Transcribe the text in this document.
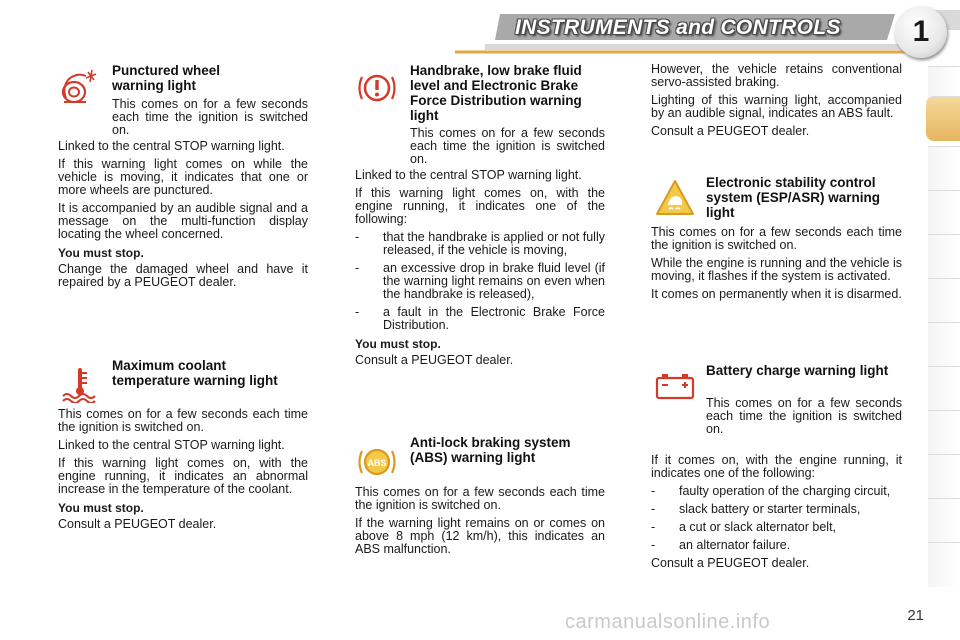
INSTRUMENTS and CONTROLS	1
Punctured wheel warning light

This comes on for a few seconds each time the ignition is switched on.

Linked to the central STOP warning light.

If this warning light comes on while the vehicle is moving, it indicates that one or more wheels are punctured.

It is accompanied by an audible signal and a message on the multi-function display locating the wheel concerned.

You must stop.

Change the damaged wheel and have it repaired by a PEUGEOT dealer.

Maximum coolant temperature warning light

This comes on for a few seconds each time the ignition is switched on.

Linked to the central STOP warning light.

If this warning light comes on, with the engine running, it indicates an abnormal increase in the temperature of the coolant.

You must stop.

Consult a PEUGEOT dealer.

Handbrake, low brake fluid level and Electronic Brake Force Distribution warning light

This comes on for a few seconds each time the ignition is switched on.

Linked to the central STOP warning light.

If this warning light comes on, with the engine running, it indicates one of the following:

-	that the handbrake is applied or not fully released, if the vehicle is moving,
-	an excessive drop in brake fluid level (if the warning light remains on even when the handbrake is released),
-	a fault in the Electronic Brake Force Distribution.

You must stop.

Consult a PEUGEOT dealer.

ABS
Anti-lock braking system (ABS) warning light

This comes on for a few seconds each time the ignition is switched on.

If the warning light remains on or comes on above 8 mph (12 km/h), this indicates an ABS malfunction.

However, the vehicle retains conventional servo-assisted braking.

Lighting of this warning light, accompanied by an audible signal, indicates an ABS fault.

Consult a PEUGEOT dealer.

Electronic stability control system (ESP/ASR) warning light

This comes on for a few seconds each time the ignition is switched on.

While the engine is running and the vehicle is moving, it flashes if the system is activated.

It comes on permanently when it is disarmed.

Battery charge warning light

This comes on for a few seconds each time the ignition is switched on.

If it comes on, with the engine running, it indicates one of the following:

-	faulty operation of the charging circuit,
-	slack battery or starter terminals,
-	a cut or slack alternator belt,
-	an alternator failure.

Consult a PEUGEOT dealer.

carmanualsonline.info	21
